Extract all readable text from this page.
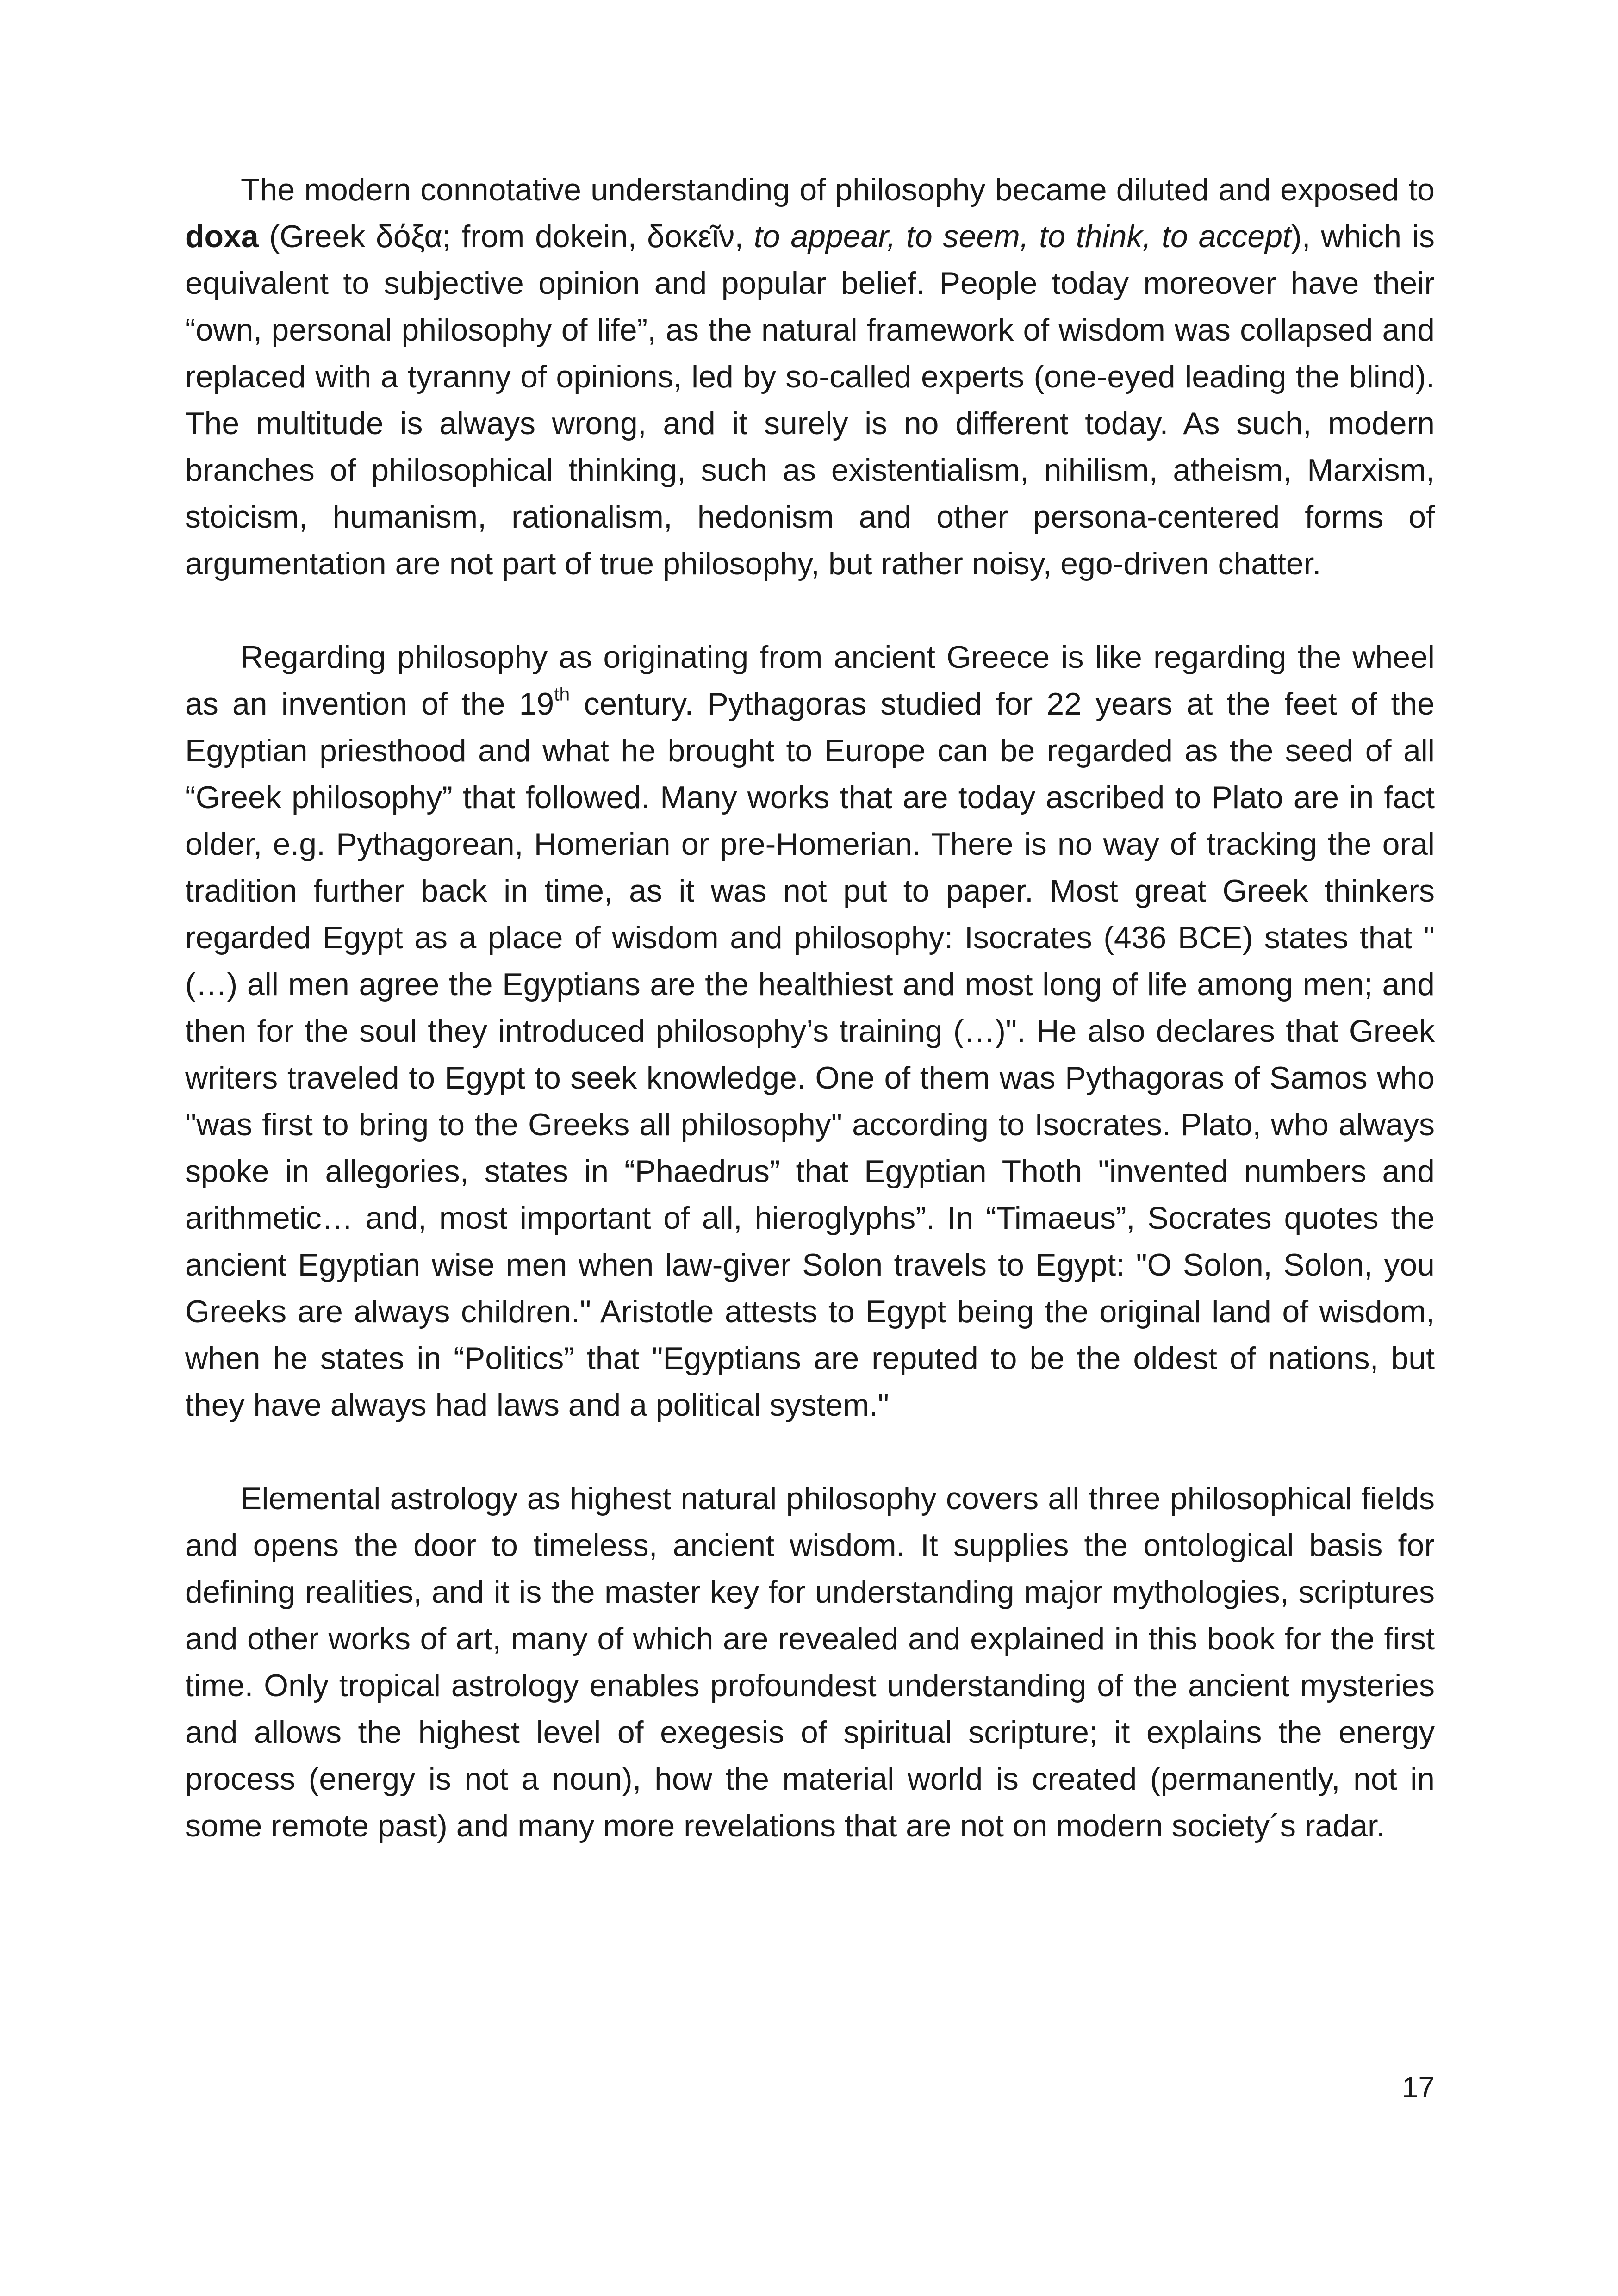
The modern connotative understanding of philosophy became diluted and exposed to doxa (Greek δόξα; from dokein, δοκεῖν, to appear, to seem, to think, to accept), which is equivalent to subjective opinion and popular belief. People today moreover have their “own, personal philosophy of life”, as the natural framework of wisdom was collapsed and replaced with a tyranny of opinions, led by so-called experts (one-eyed leading the blind). The multitude is always wrong, and it surely is no different today. As such, modern branches of philosophical thinking, such as existentialism, nihilism, atheism, Marxism, stoicism, humanism, rationalism, hedonism and other persona-centered forms of argumentation are not part of true philosophy, but rather noisy, ego-driven chatter.

Regarding philosophy as originating from ancient Greece is like regarding the wheel as an invention of the 19th century. Pythagoras studied for 22 years at the feet of the Egyptian priesthood and what he brought to Europe can be regarded as the seed of all “Greek philosophy” that followed. Many works that are today ascribed to Plato are in fact older, e.g. Pythagorean, Homerian or pre-Homerian. There is no way of tracking the oral tradition further back in time, as it was not put to paper. Most great Greek thinkers regarded Egypt as a place of wisdom and philosophy: Isocrates (436 BCE) states that "(…) all men agree the Egyptians are the healthiest and most long of life among men; and then for the soul they introduced philosophy’s training (…)". He also declares that Greek writers traveled to Egypt to seek knowledge. One of them was Pythagoras of Samos who "was first to bring to the Greeks all philosophy" according to Isocrates. Plato, who always spoke in allegories, states in “Phaedrus” that Egyptian Thoth "invented numbers and arithmetic… and, most important of all, hieroglyphs”. In “Timaeus”, Socrates quotes the ancient Egyptian wise men when law-giver Solon travels to Egypt: "O Solon, Solon, you Greeks are always children." Aristotle attests to Egypt being the original land of wisdom, when he states in “Politics” that "Egyptians are reputed to be the oldest of nations, but they have always had laws and a political system."

Elemental astrology as highest natural philosophy covers all three philosophical fields and opens the door to timeless, ancient wisdom. It supplies the ontological basis for defining realities, and it is the master key for understanding major mythologies, scriptures and other works of art, many of which are revealed and explained in this book for the first time. Only tropical astrology enables profoundest understanding of the ancient mysteries and allows the highest level of exegesis of spiritual scripture; it explains the energy process (energy is not a noun), how the material world is created (permanently, not in some remote past) and many more revelations that are not on modern society´s radar.

17
